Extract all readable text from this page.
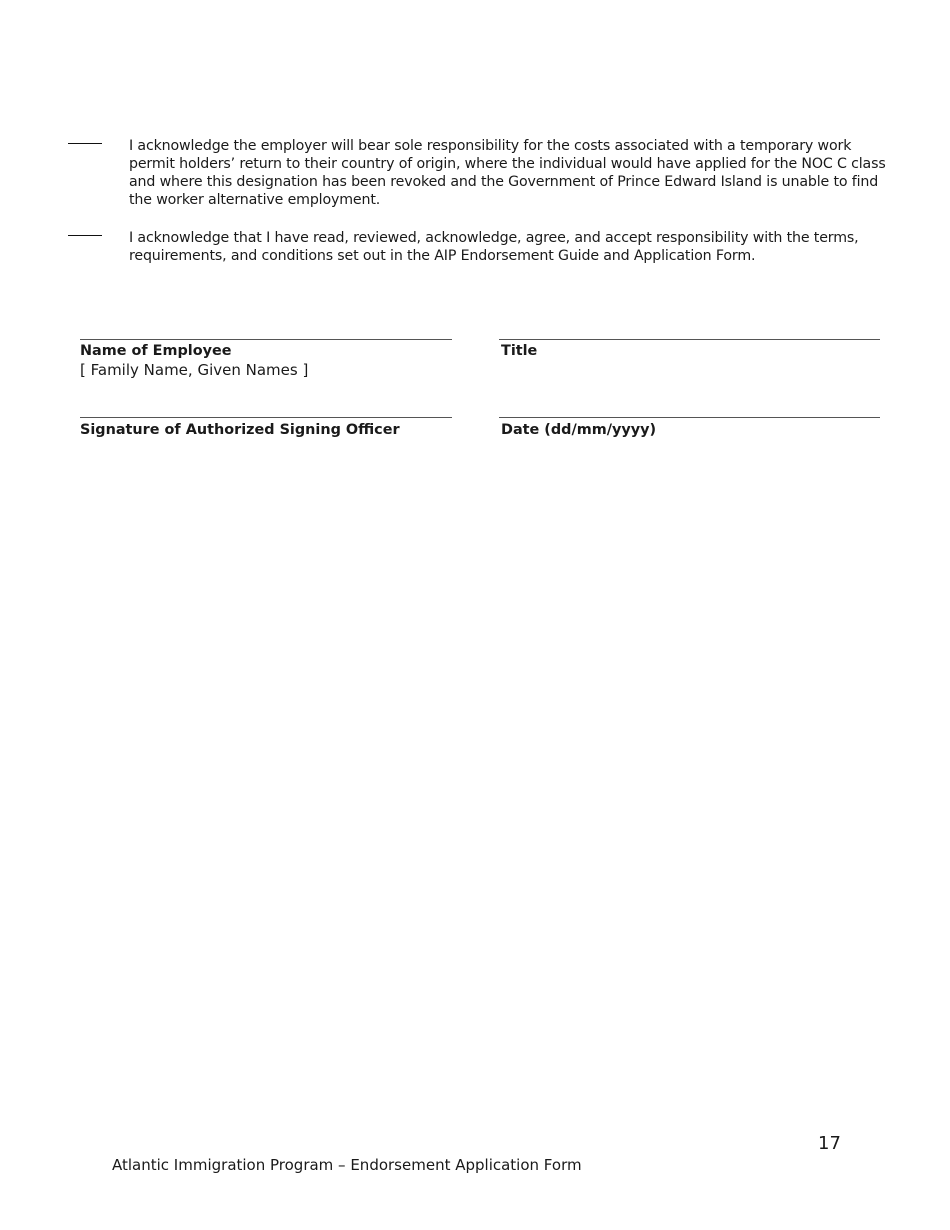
I acknowledge the employer will bear sole responsibility for the costs associated with a temporary work permit holders’ return to their country of origin, where the individual would have applied for the NOC C class and where this designation has been revoked and the Government of Prince Edward Island is unable to find the worker alternative employment.
I acknowledge that I have read, reviewed, acknowledge, agree, and accept responsibility with the terms, requirements, and conditions set out in the AIP Endorsement Guide and Application Form.
Name of Employee
[ Family Name, Given Names ]
Title
Signature of Authorized Signing Officer	Date (dd/mm/yyyy)
17
Atlantic Immigration Program – Endorsement Application Form
